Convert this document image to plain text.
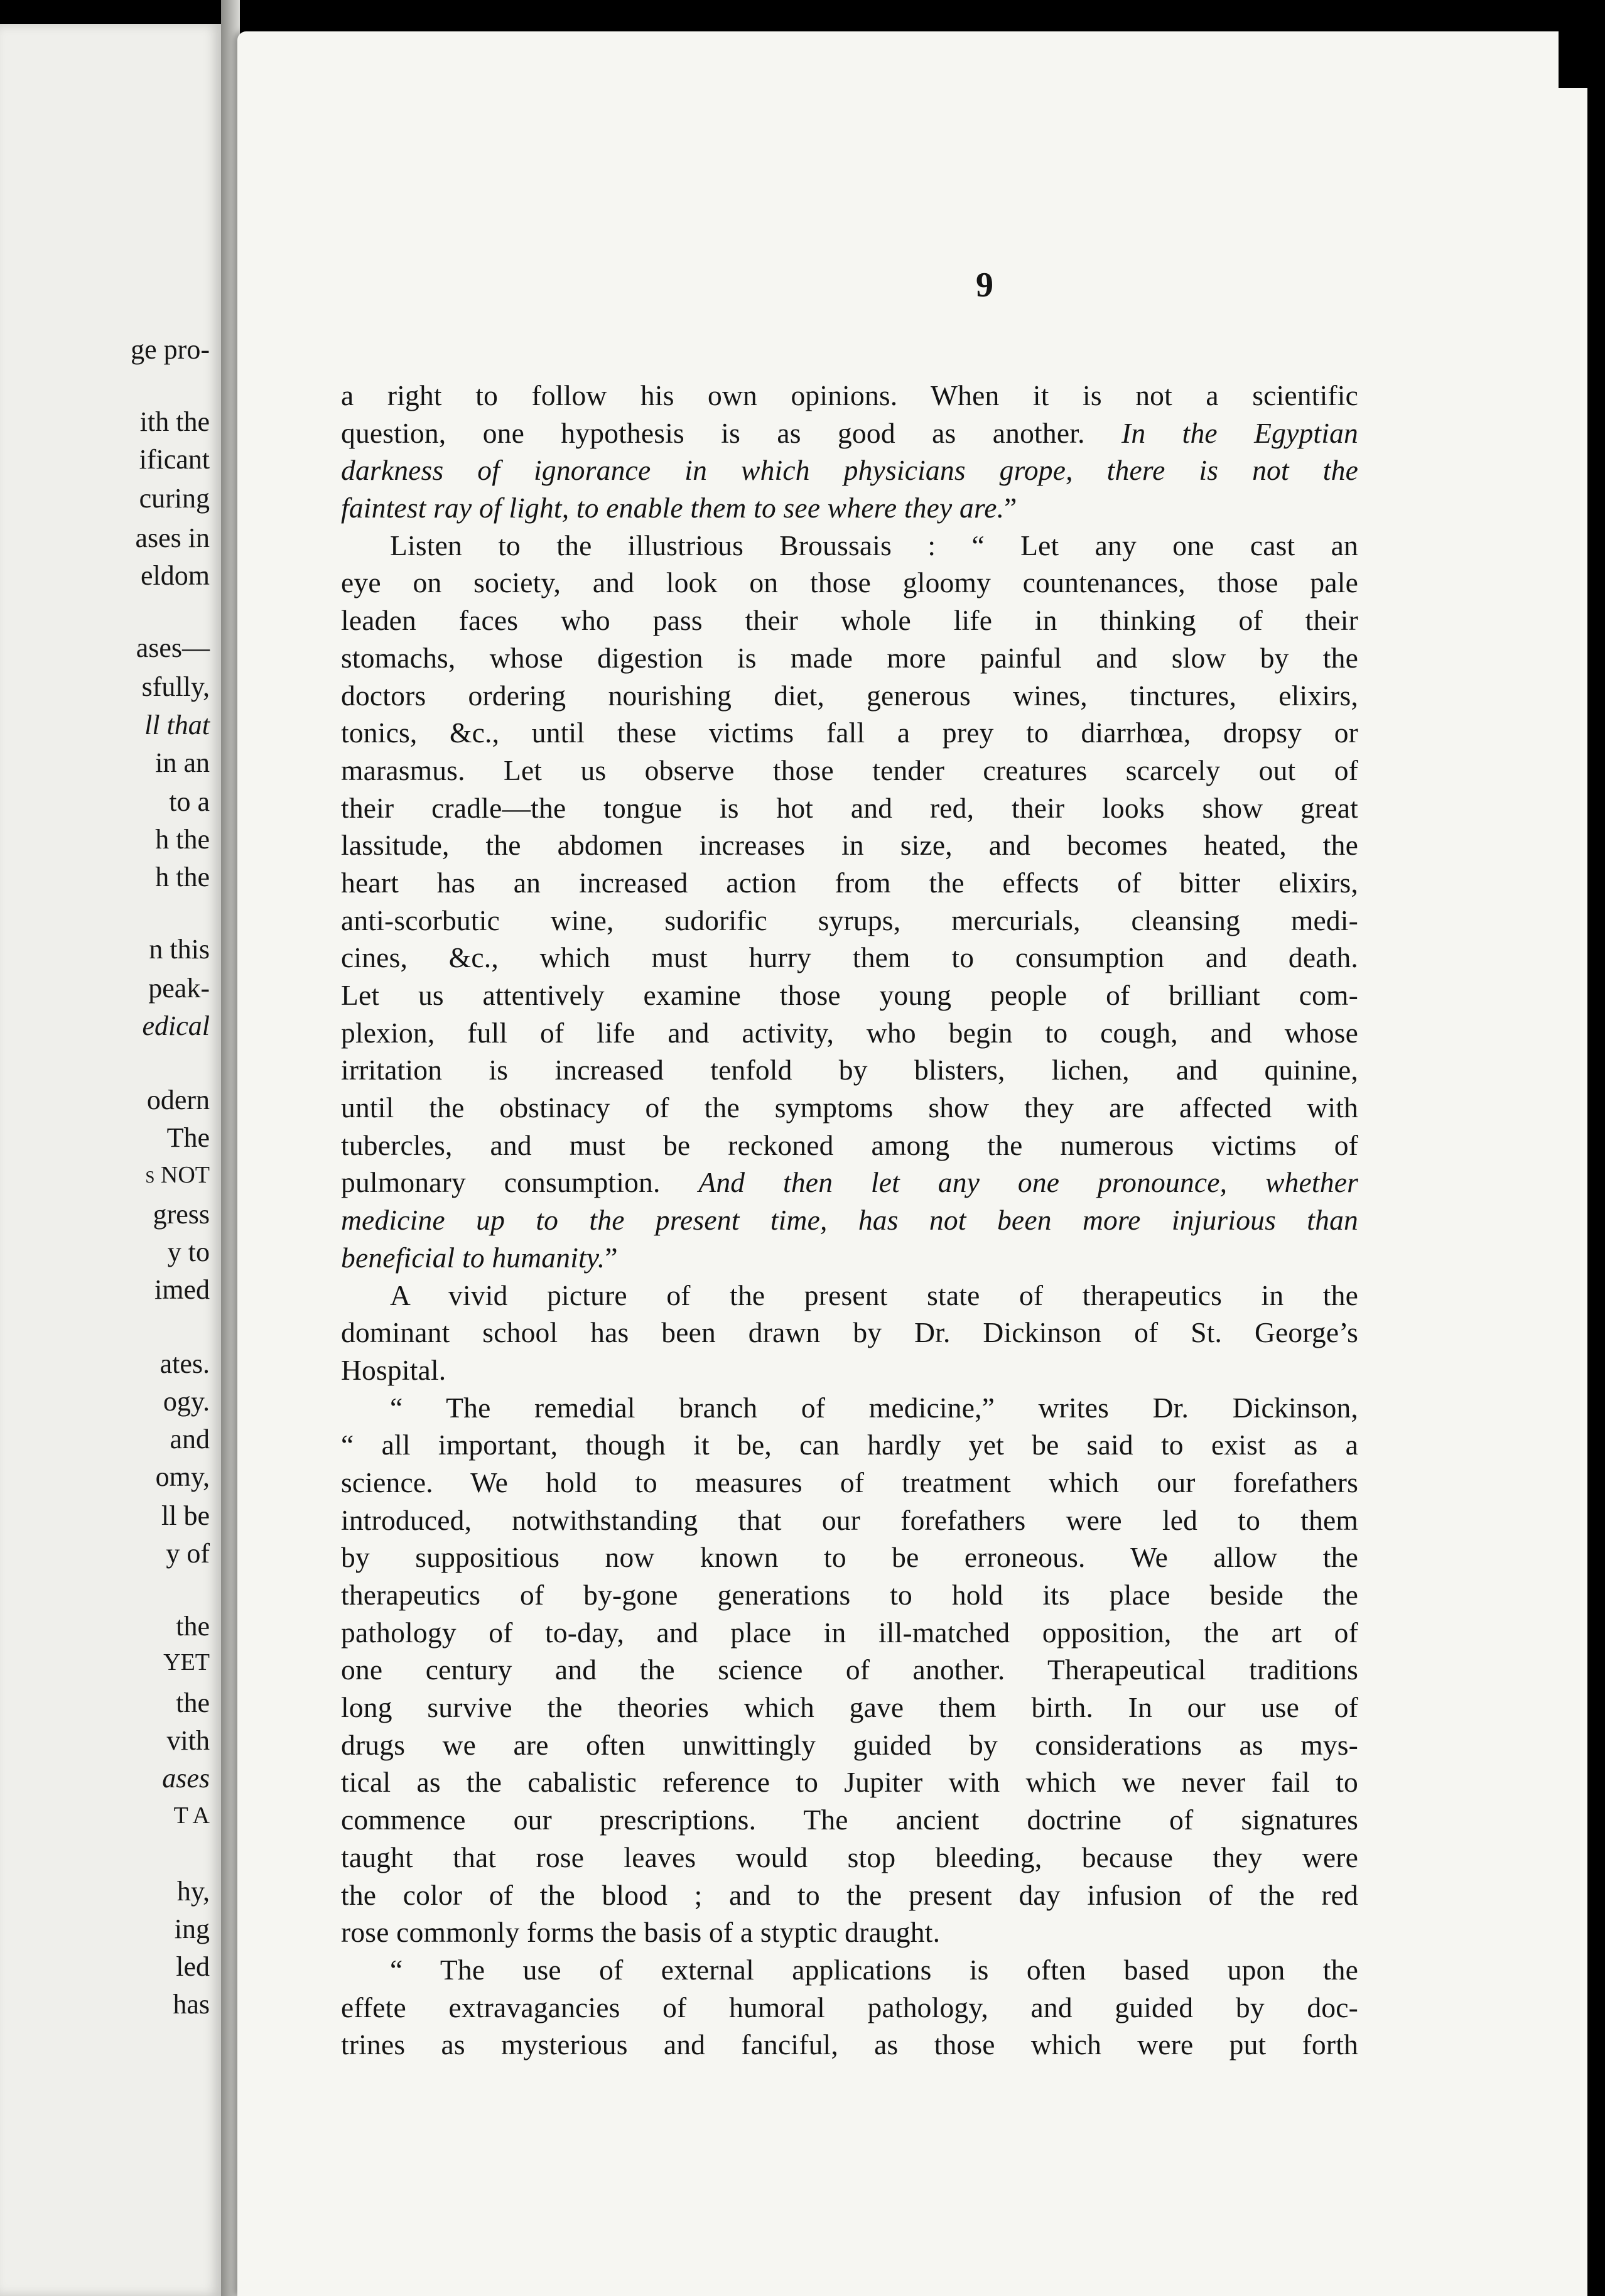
ge pro-
ith the
ificant
curing
ases in
eldom
ases—
sfully,
ll that
in an
to a
h the
h the
n this
peak-
edical
odern
The
s NOT
gress
y to
imed
ates.
ogy.
and
omy,
ll be
y of
the
YET
the
vith
ases
T A
hy,
ing
led
has
9
a right to follow his own opinions. When it is not a scientific
question, one hypothesis is as good as another. In the Egyptian
darkness of ignorance in which physicians grope, there is not the
faintest ray of light, to enable them to see where they are.”
Listen to the illustrious Broussais : “ Let any one cast an
eye on society, and look on those gloomy countenances, those pale
leaden faces who pass their whole life in thinking of their
stomachs, whose digestion is made more painful and slow by the
doctors ordering nourishing diet, generous wines, tinctures, elixirs,
tonics, &c., until these victims fall a prey to diarrhœa, dropsy or
marasmus. Let us observe those tender creatures scarcely out of
their cradle—the tongue is hot and red, their looks show great
lassitude, the abdomen increases in size, and becomes heated, the
heart has an increased action from the effects of bitter elixirs,
anti-scorbutic wine, sudorific syrups, mercurials, cleansing medi-
cines, &c., which must hurry them to consumption and death.
Let us attentively examine those young people of brilliant com-
plexion, full of life and activity, who begin to cough, and whose
irritation is increased tenfold by blisters, lichen, and quinine,
until the obstinacy of the symptoms show they are affected with
tubercles, and must be reckoned among the numerous victims of
pulmonary consumption. And then let any one pronounce, whether
medicine up to the present time, has not been more injurious than
beneficial to humanity.”
A vivid picture of the present state of therapeutics in the
dominant school has been drawn by Dr. Dickinson of St. George’s
Hospital.
“ The remedial branch of medicine,” writes Dr. Dickinson,
“ all important, though it be, can hardly yet be said to exist as a
science. We hold to measures of treatment which our forefathers
introduced, notwithstanding that our forefathers were led to them
by suppositious now known to be erroneous. We allow the
therapeutics of by-gone generations to hold its place beside the
pathology of to-day, and place in ill-matched opposition, the art of
one century and the science of another. Therapeutical traditions
long survive the theories which gave them birth. In our use of
drugs we are often unwittingly guided by considerations as mys-
tical as the cabalistic reference to Jupiter with which we never fail to
commence our prescriptions. The ancient doctrine of signatures
taught that rose leaves would stop bleeding, because they were
the color of the blood ; and to the present day infusion of the red
rose commonly forms the basis of a styptic draught.
“ The use of external applications is often based upon the
effete extravagancies of humoral pathology, and guided by doc-
trines as mysterious and fanciful, as those which were put forth
